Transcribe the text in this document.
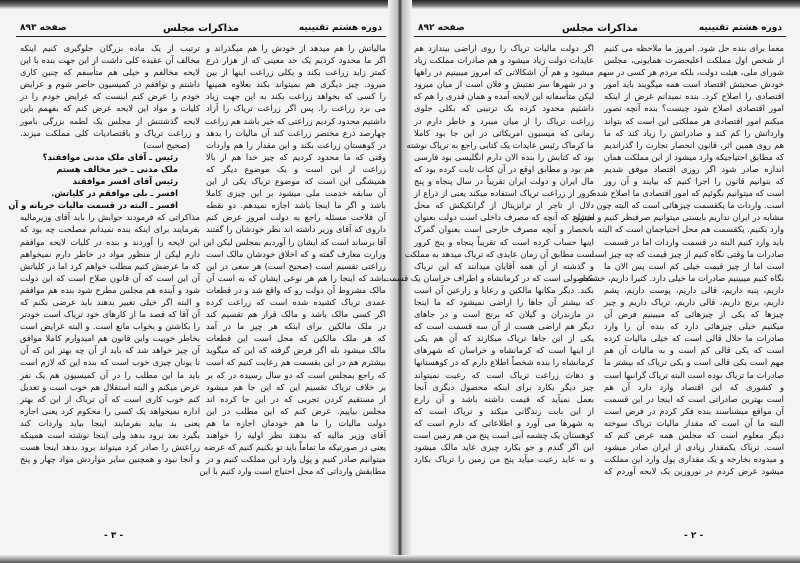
دوره هشتم تقنینیه
مذاکرات مجلس
صفحه ۸۹۳
مالیاتش را هم میدهد از خودش را هم میگذراند و
اگر ما محدود کردیم یک حد معینی که از هزار ذرع
کمتر زاید زراعت بکند و یکلی زراعت اینها از بین
میرود. چیز دیگری هم نمیتواند بکند بعلاوه همینها
را کسی که بخواهد زراعت بکند به این جهت زیاد
می برد زراعت را. پس اگر زراعت تریاک را آزاد
داشتیم محدود کردیم زراعتی که خیر باشد هم زراعت
چهارصد ذرع مختصر زراعت کند آن مالیات را بدهد
در کوهستان زراعت بکند و این مقدار را هم واردات
وقتی که ما محدود کردیم که چیز خدا هم از بالا
زراعت از این است و یک موضوع دیگر که
همیشگی این است که موضوع تریاک یکی از این
آن سابقه خدمت ملی میشود بر این چیزی کاملا
باشد و اگر ما اینجا باشد اجازه نمیدهم. دو نقطه
آن فلاحت مسئله راجع به دولت امروز عرض کنم
داروی که آقای وزیر داشته اند نظر خودشان را گفتند
آقا برساند است که ایشان را آوردیم بمجلس لیکن این
وزارت معارف گفته و که اخلاق خودشان مالک است
زراعتی تقسیم است (صحیح است) هر سعی در این
باشد که اینجا را هم هر نوعی ایشان که به است آن
مالک مشروط آن دولت رو که واقع شد و در قطعات
عمدی تریاک کشیده شده است که زراعت کرده
اگر کسی مالک باشد و مالک قرار هم تقسیم کند
در ملک مالکین برای اینکه هر چیز ما در آمد
که هر ملک مالکین که محل است این قطعات
مالک میشود بله اگر فرض گرفته که این که میگوید
بیشترم هم در این بقسمت هم رعایت کنیم که است
که راجع بمجلس است که دو سال رسیده در که بر
بر خلاف تریاک تقسیم این که این جا هم میشود
از مستقیم کردن تجربی که در این جا کرده اند
مجلس بیاییم. عرض کنم که این مطلب در این
دولت مالیات را ما هم خودمان اجازه ما هم
آقای وزیر مالیه که بدهند نظر اولیه را خواهند
یعنی در صورتیکه ما تماماً باید تو بکنیم کنیم که عرضه
میتوانیم صادر کنیم و پول وارد این مملکت کنیم و در
مطابقش وارداتی که محل احتیاج است وارد کنیم با این
ترتیب از یک ماده بزرگان جلوگیری کنیم اینکه
مخالف آن عقیده کلی داشت از این جهت بنده با این
لایحه مخالفم و خیلی هم متأسفم که چنین کاری
داشتم و توافقم در کمیسیون حاضر شوم و عرایض
خودم را عرض کنم اینست که عرایض خودم را در
کلیات و مواد این لایحه عرض کنم که بفهمم باین
لایحه گذشتنش از مجلس یک لطمه بزرگی بامور
و زراعت تریاک و باقتصادیات کلی مملکت میزند.
(صحیح است)
رئیس ـ آقای ملک مدنی موافقند؟
ملک مدنی ـ خیر مخالف هستم
رئیس آقای افسر موافقند
افسر ـ بلی موافقم در کلیاتش.
افسر ـ البته در قسمت مالیات جریانه و آن
مذاکراتی که فرمودند جوابش را باید آقای وزیرمالیه
بفرمایند برای اینکه بنده نمیدانم مصلحت چه بود که
این لایحه را آوردند و بنده در کلیات لایحه موافقم
دارم لیکن از منظور مواد در خاطر دارم نمیخواهم
که ما عرضش کنیم مطلب خواهم کرد اما در کلیاتش
آن این است که آن قانون صلاح است که این دولت
شود و آینده هم مجلس مطرح شود بنده هم موافقم
و البته اگر خیلی تغییر بدهند باید عرضی بکنم که
آن آقا که قصد ما از کارهای خود تریاک است خودتر
را بکاشتن و بخواب مانع است. و البته عرایض است
بخاطر خوبیت واین قانون هم امیدوارم کاملا موافق
آن چیز خواهد شد که باید از آن چه بهتر این که آن
تا یونان چیزی خوب است که بنده این که لازم است
باید ما این مطلب را در آن کمیسیون هم یک نفر
عرض میکنم و البته استقلال هم خوب است و تعدیل
کنم خوب کاری است که آن تریاک از این که بهتر
اداره نمیخواهد یک کسی را محکوم کرد یعنی اجازه
یعنی بد بیاید بفرمایند اینجا بیاید واردات کند
بگیرد بعد برود بدهد ولی اینجا نوشته است همینکه
زراعتش را صادر کرد میتواند برود بدهد اینجا هست
و آنجا نبود و همچنین سایر مواردش مواد چهار و پنج
- ۳ -
دوره هشتم تقنینیه
مذاکرات مجلس
صفحه ۸۹۲
معما برای بنده حل شود. امروز ما ملاحظه می کنیم
از شخص اول مملکت اعلیحضرت همایونی، مجلس
شورای ملی، هیئت دولت، بلکه مردم هر کسی در سهم
خودش صحبتش اقتصاد است همه میگویند باید امور
اقتصادی را اصلاح کرد. بنده نمیدانم غرض از اینکه
امور اقتصادی اصلاح شود چیست؟ بنده آنچه تصور
میکنم امور اقتصادی هر مملکتی این است که بتواند
وارداتش را کم کند و صادراتش را زیاد کند که ما
هم روی همین اثر، قانون انحصار تجارت را گذراندیم
که مطابق احتیاجیکه وارد میشود از این مملکت همان
اندازه صادر شود اگر روزی اقتصاد موفق شدیم
که بتوانیم قانون را اجرا کنیم که بیایند و آن روز
است که میتوانیم بگوئیم که امور اقتصادی ما اصلاح شده
است. واردات ما یکقسمت چیزهائی است که البته چون
مشابه در ایران نداریم بایستی میتوانیم صرفنظر کنیم و اختراع
وارد بکنیم. یکقسمت هم محل احتیاجمان است که البته
باید وارد کنیم البته در قسمت واردات اما در قسمت
صادرات ما وقتی نگاه کنیم از چیز قیمت که چه چیز است
است اما از چیز قیمت خیلی کم است پس الان ما
نگاه کنیم میبینیم صادرات ما خیلی دارد. کتیرا داریم، خشکبار
داریم، پنبه داریم، قالی داریم، پوست داریم، پشم
داریم، برنج داریم، قالی داریم، تریاک داریم و چیز
چیزها که یکی از چیزهائی که میبینیم فرض آن
میکنیم خیلی چیزهائی دارد که بنده آن را وارد
صادرات ما حلال قالی است که خیلی مالیات کرده
است که یکی قالی کم است و به مالیات آن هم
مهم است یکی قالی است و یکی تریاک که بیشتر ما
صادرات ما تریاک بوده است البته تریاک گرانبها است
و کشوری که این اقتصاد وارد دارد آن هم
است بهترین صادراتی است که اینجا در این قسمت
آن مواقع میشناسند بنده فکر کردم در فرض است
البته ما آن است که مقدار مالیات تریاک سوخته
دیگر معلوم است که مجلس همه عرض کنم که
است. تریاک یکمقدار زیادی از ایران صادر میشود
و میدوده بخارجه و یک مقداری پول وارد این مملکت
میشود عرض کردم در نوروزین یک لایحه آوردم که
اگر دولت مالیات تریاک را روی اراضی بیندازد هم
عایدات دولت زیاد میشود و هم صادرات مملکت زیاد
میشود و هم آن اشکالاتی که امروز میبینیم در راهها
و در شهرها سر تفتیش و فلان است از میان میرود
لیکن متأسفانه این لایحه آمده و همان قدری را هم که
داشتیم محدود کرده یک ترتیبی که بکلی جلوی
زراعت تریاک را از میان میبرد و خاطر دارم در
زمانی که میسیون امریکائی در این جا بود کاملا
ما کرماک رئیس عایدات یک کتابی راجع به تریاک نوشته
بود که کتابش را بنده الان دارم انگلیسی بود فارسی
هم بود و مطابق اوقع در آن کتاب ثابت کرده بود که
مال ایران و دولت ایران تقریباً در سال پنجاه و پنج
کرور از زراعت تریاک استفاده میکند یعنی از ذراع از
دلال از تاجر از ترانزیتال از گرانکیکش که محل
میشود که آنچه که مصرف داخلی است دولت بعنوان
بانحصار و آنچه مصرف خارجی است بعنوان گمرک
اینها حساب کرده است که تقریباً پنجاه و پنج کرور
است مطابق آن زمان عایدی که تریاک میدهد به مملکت
و گذشته از آن همه آقایان میدانند که این تریاک
محصولی است که در کرمانشاه و اطراف خراسان یک قسمت
بکند. دیگر مکانها مالکین و رعایا و زارعین آن است
که بیشتر آن جاها را اراضی نمیشود که ما اینجا
در مازندران و گیلان که برنج است و در جاهای
دیگر هم اراضی هست از آن سه قسمت است که
یکی از این جاها تریاک میکارند که آن هم یکی
از اینها است که کرمانشاه و خراسان که شهرهای
کرمانشاه را بنده شخصاً اطلاع دارم که در کوهستانها
و دهات زراعت تریاک است که رعیت نمیتواند
چیز دیگر بکارد برای اینکه محصول دیگری آنجا
بعمل نمیآید که قیمت داشته باشد و آن زارع
از این بابت زندگانی میکند و تریاک است که
به شهرها می آورد و اطلاعاتی که دارم است که
کوهستان یک چشمه آبی است پنج من هم زمین است
این اگر گندم و جو بکارد چیزی عاید مالک میشود
و نه عاید رعیت میآید پنج من زمین را تریاک بکارد
- ۲ -
